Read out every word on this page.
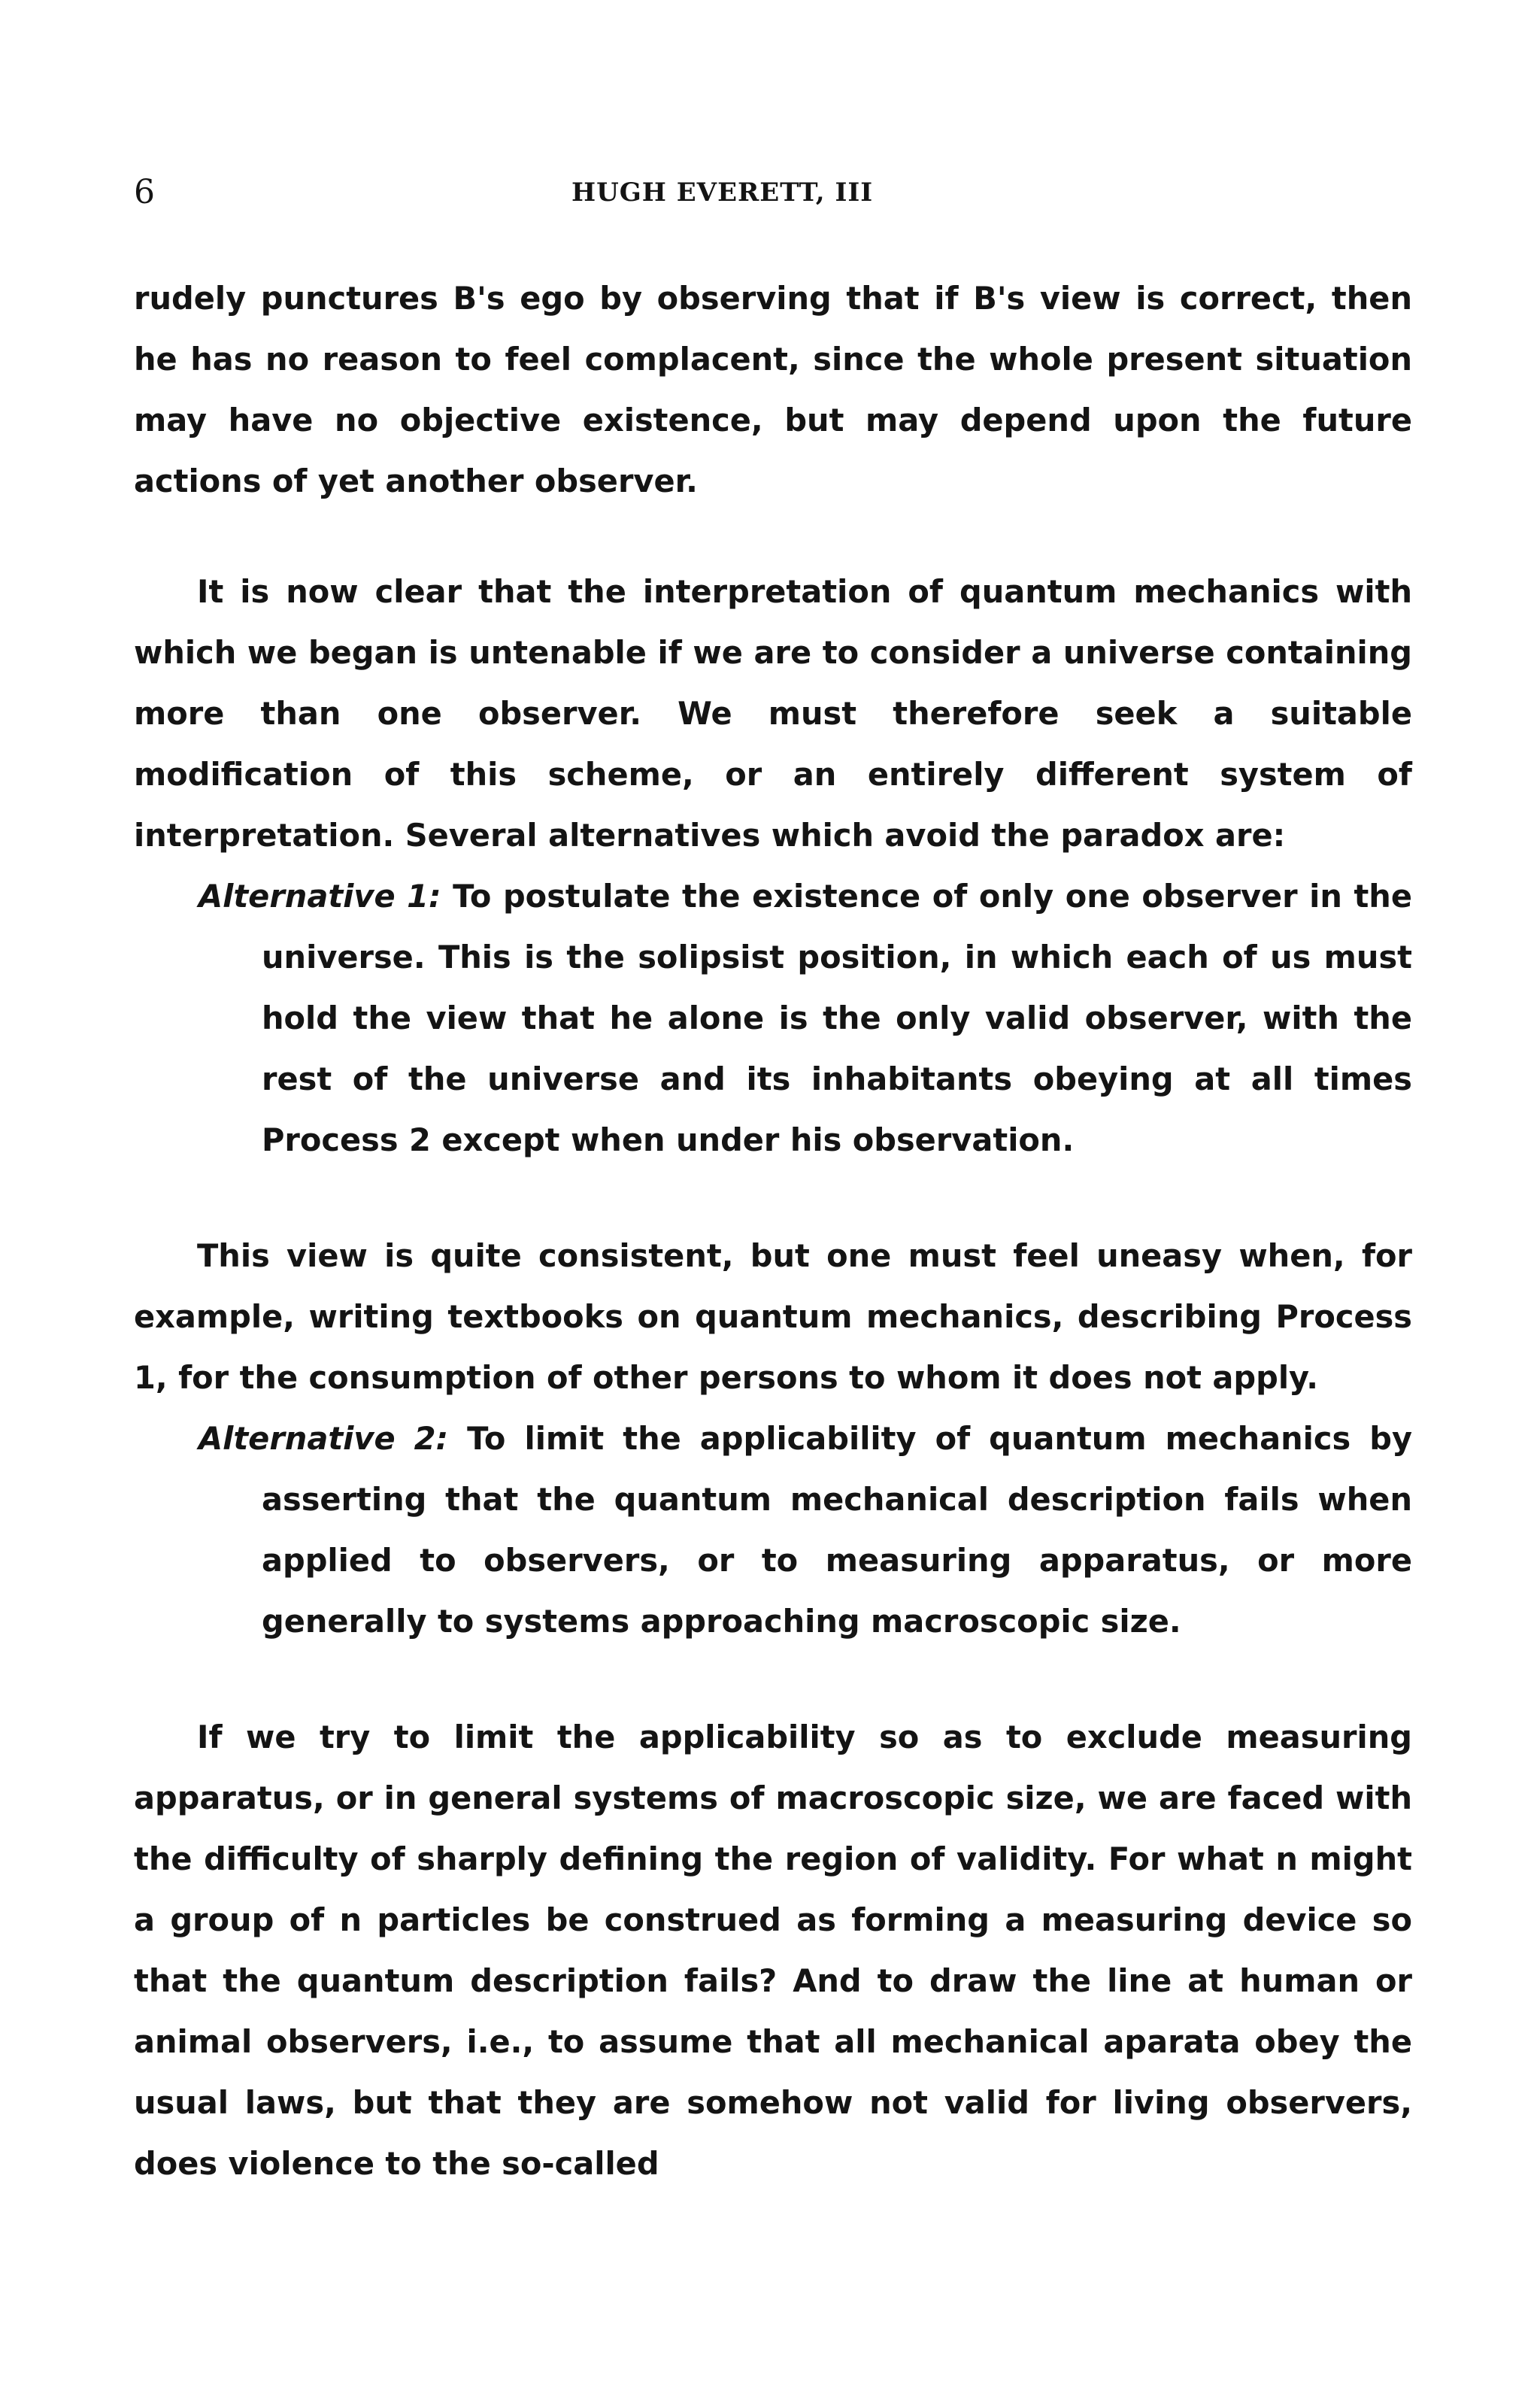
6	HUGH EVERETT, III

rudely punctures B's ego by observing that if B's view is correct, then he has no reason to feel complacent, since the whole present situation may have no objective existence, but may depend upon the future actions of yet another observer.

It is now clear that the interpretation of quantum mechanics with which we began is untenable if we are to consider a universe containing more than one observer. We must therefore seek a suitable modification of this scheme, or an entirely different system of interpretation. Several alternatives which avoid the paradox are:

Alternative 1: To postulate the existence of only one observer in the universe. This is the solipsist position, in which each of us must hold the view that he alone is the only valid observer, with the rest of the universe and its inhabitants obeying at all times Process 2 except when under his observation.

This view is quite consistent, but one must feel uneasy when, for example, writing textbooks on quantum mechanics, describing Process 1, for the consumption of other persons to whom it does not apply.

Alternative 2: To limit the applicability of quantum mechanics by asserting that the quantum mechanical description fails when applied to observers, or to measuring apparatus, or more generally to systems approaching macroscopic size.

If we try to limit the applicability so as to exclude measuring apparatus, or in general systems of macroscopic size, we are faced with the difficulty of sharply defining the region of validity. For what n might a group of n particles be construed as forming a measuring device so that the quantum description fails? And to draw the line at human or animal observers, i.e., to assume that all mechanical aparata obey the usual laws, but that they are somehow not valid for living observers, does violence to the so-called
